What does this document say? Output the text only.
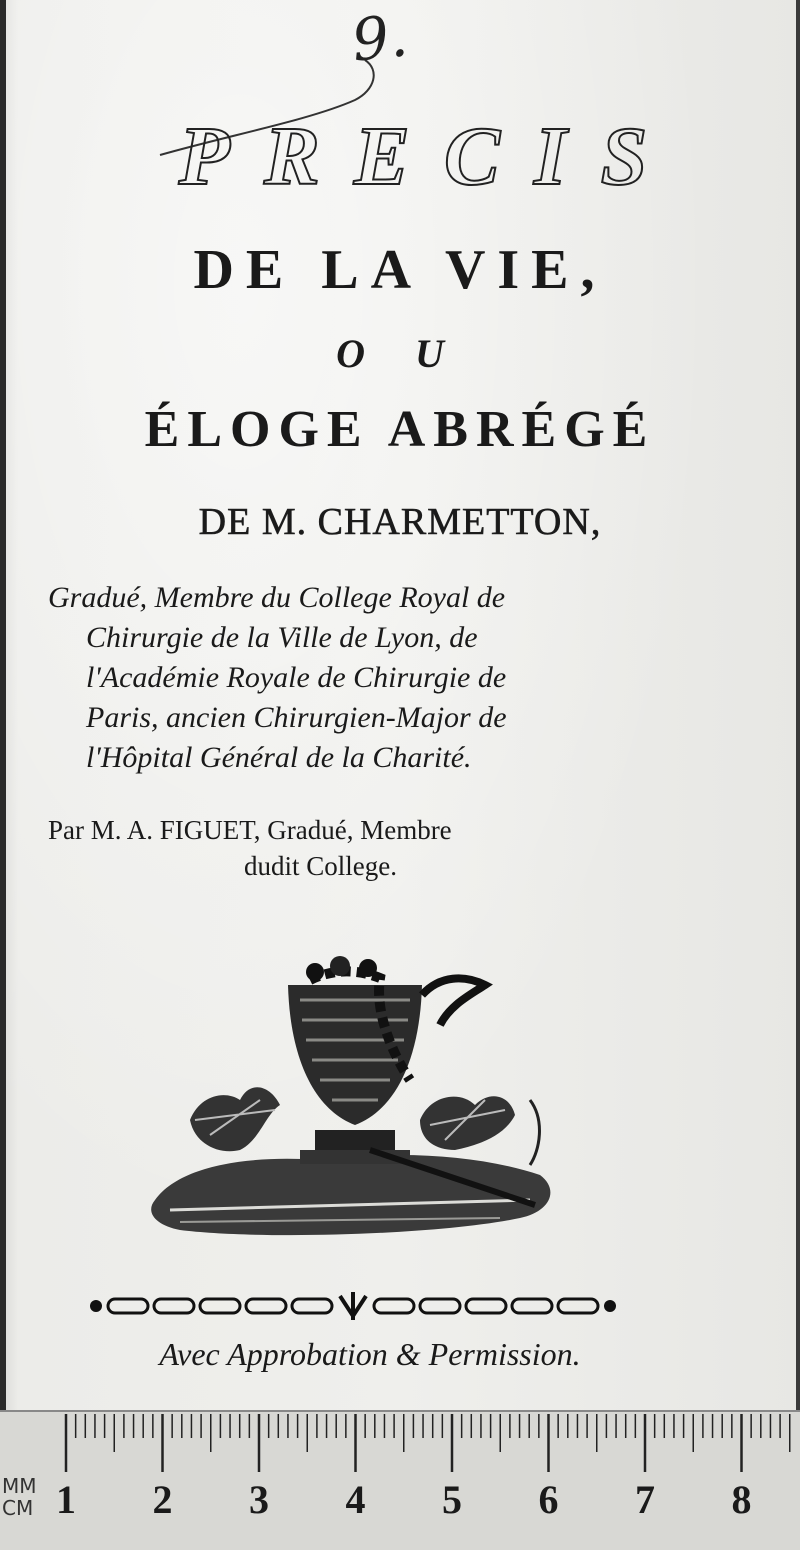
9.
PRECIS
DE LA VIE,
O U
ÉLOGE ABRÉGÉ
DE M. CHARMETTON,
Gradué, Membre du College Royal de
Chirurgie de la Ville de Lyon, de
l'Académie Royale de Chirurgie de
Paris, ancien Chirurgien-Major de
l'Hôpital Général de la Charité.
Par M. A. FIGUET, Gradué, Membre
dudit College.
Avec Approbation & Permission.
MM
CM 1 2 3 4 5 6 7 8
